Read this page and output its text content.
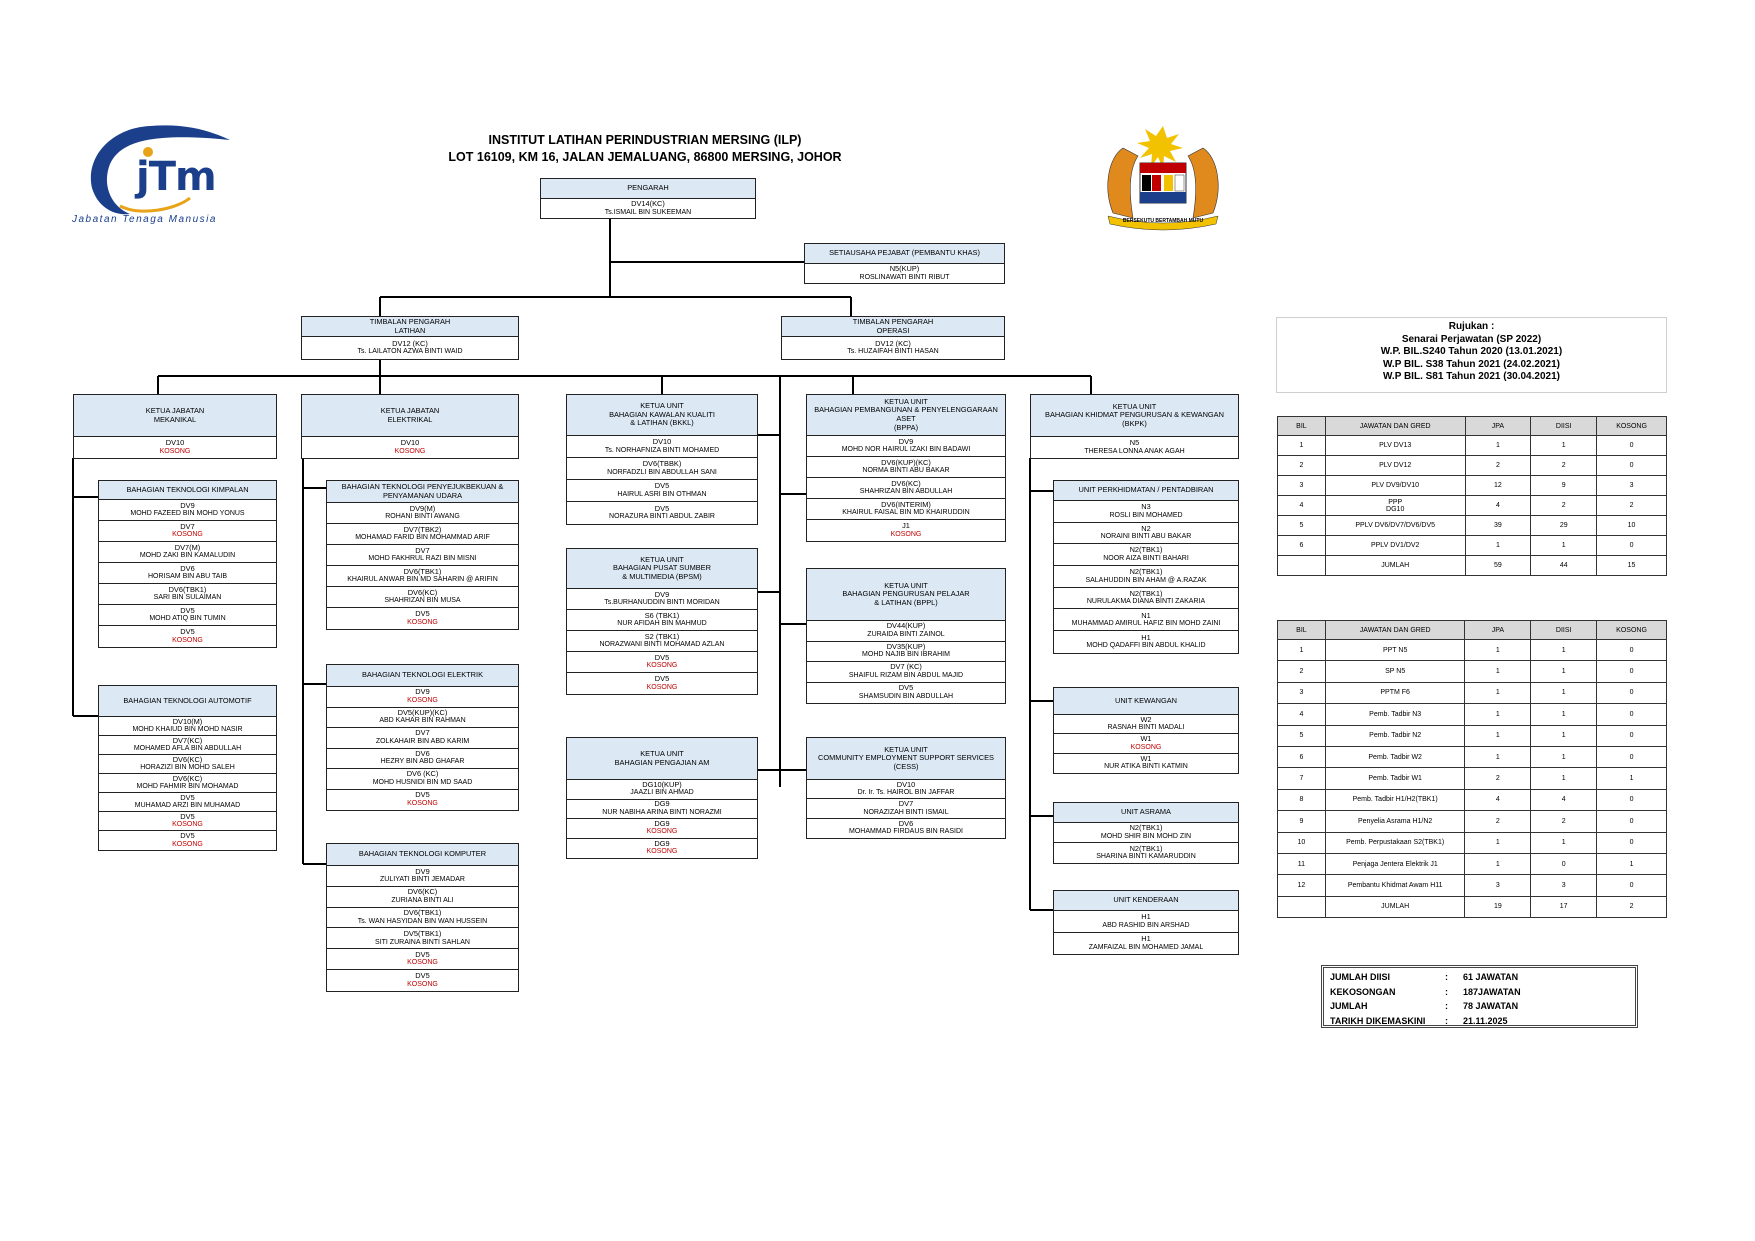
jTm
Jabatan Tenaga Manusia
INSTITUT LATIHAN PERINDUSTRIAN MERSING (ILP)
LOT 16109, KM 16, JALAN JEMALUANG, 86800 MERSING, JOHOR
BERSEKUTU BERTAMBAH MUTU
PENGARAH
DV14(KC)
Ts.ISMAIL BIN SUKEEMAN
SETIAUSAHA PEJABAT (PEMBANTU KHAS)
N5(KUP)
ROSLINAWATI BINTI RIBUT
TIMBALAN PENGARAH
LATIHAN
DV12 (KC)
Ts. LAILATON AZWA BINTI WAID
TIMBALAN PENGARAH
OPERASI
DV12 (KC)
Ts. HUZAIFAH BINTI HASAN
KETUA JABATAN
MEKANIKAL
DV10
KOSONG
KETUA JABATAN
ELEKTRIKAL
DV10
KOSONG
BAHAGIAN TEKNOLOGI KIMPALAN
DV9
MOHD FAZEED BIN MOHD YONUS
DV7
KOSONG
DV7(M)
MOHD ZAKI BIN KAMALUDIN
DV6
HORISAM BIN ABU TAIB
DV6(TBK1)
SARI BIN SULAIMAN
DV5
MOHD ATIQ BIN TUMIN
DV5
KOSONG
BAHAGIAN TEKNOLOGI AUTOMOTIF
DV10(M)
MOHD KHAIUD BIN MOHD NASIR
DV7(KC)
MOHAMED AFLA BIN ABDULLAH
DV6(KC)
HORAZIZI BIN MOHD SALEH
DV6(KC)
MOHD FAHMIR BIN MOHAMAD
DV5
MUHAMAD ARZI BIN MUHAMAD
DV5
KOSONG
DV5
KOSONG
BAHAGIAN TEKNOLOGI PENYEJUKBEKUAN &
PENYAMANAN UDARA
DV9(M)
ROHANI BINTI AWANG
DV7(TBK2)
MOHAMAD FARID BIN MOHAMMAD ARIF
DV7
MOHD FAKHRUL RAZI BIN MISNI
DV6(TBK1)
KHAIRUL ANWAR BIN MD SAHARIN @ ARIFIN
DV6(KC)
SHAHRIZAN BIN MUSA
DV5
KOSONG
BAHAGIAN TEKNOLOGI ELEKTRIK
DV9
KOSONG
DV5(KUP)(KC)
ABD KAHAR BIN RAHMAN
DV7
ZOLKAHAIR BIN ABD KARIM
DV6
HEZRY BIN ABD GHAFAR
DV6 (KC)
MOHD HUSNIDI BIN MD SAAD
DV5
KOSONG
BAHAGIAN TEKNOLOGI KOMPUTER
DV9
ZULIYATI BINTI JEMADAR
DV6(KC)
ZURIANA BINTI ALI
DV6(TBK1)
Ts. WAN HASYIDAN BIN WAN HUSSEIN
DV5(TBK1)
SITI ZURAINA BINTI SAHLAN
DV5
KOSONG
DV5
KOSONG
KETUA UNIT
BAHAGIAN KAWALAN KUALITI
& LATIHAN (BKKL)
DV10
Ts. NORHAFNIZA BINTI MOHAMED
DV6(TBBK)
NORFADZLI BIN ABDULLAH SANI
DV5
HAIRUL ASRI BIN OTHMAN
DV5
NORAZURA BINTI ABDUL ZABIR
KETUA UNIT
BAHAGIAN PUSAT SUMBER
& MULTIMEDIA (BPSM)
DV9
Ts.BURHANUDDIN BINTI MORIDAN
S6 (TBK1)
NUR AFIDAH BIN MAHMUD
S2 (TBK1)
NORAZWANI BINTI MOHAMAD AZLAN
DV5
KOSONG
DV5
KOSONG
KETUA UNIT
BAHAGIAN PENGAJIAN AM
DG10(KUP)
JAAZLI BIN AHMAD
DG9
NUR NABIHA ARINA BINTI NORAZMI
DG9
KOSONG
DG9
KOSONG
KETUA UNIT
BAHAGIAN PEMBANGUNAN & PENYELENGGARAAN ASET
(BPPA)
DV9
MOHD NOR HAIRUL IZAKI BIN BADAWI
DV6(KUP)(KC)
NORMA BINTI ABU BAKAR
DV6(KC)
SHAHRIZAN BIN ABDULLAH
DV6(INTERIM)
KHAIRUL FAISAL BIN MD KHAIRUDDIN
J1
KOSONG
KETUA UNIT
BAHAGIAN PENGURUSAN PELAJAR
& LATIHAN (BPPL)
DV44(KUP)
ZURAIDA BINTI ZAINOL
DV35(KUP)
MOHD NAJIB BIN IBRAHIM
DV7 (KC)
SHAIFUL RIZAM BIN ABDUL MAJID
DV5
SHAMSUDIN BIN ABDULLAH
KETUA UNIT
COMMUNITY EMPLOYMENT SUPPORT SERVICES (CESS)
DV10
Dr. Ir. Ts. HAIROL BIN JAFFAR
DV7
NORAZIZAH BINTI ISMAIL
DV6
MOHAMMAD FIRDAUS BIN RASIDI
KETUA UNIT
BAHAGIAN KHIDMAT PENGURUSAN & KEWANGAN (BKPK)
N5
THERESA LONNA ANAK AGAH
UNIT PERKHIDMATAN / PENTADBIRAN
N3
ROSLI BIN MOHAMED
N2
NORAINI BINTI ABU BAKAR
N2(TBK1)
NOOR AIZA BINTI BAHARI
N2(TBK1)
SALAHUDDIN BIN AHAM @ A.RAZAK
N2(TBK1)
NURULAKMA DIANA BINTI ZAKARIA
N1
MUHAMMAD AMIRUL HAFIZ BIN MOHD ZAINI
H1
MOHD QADAFFI BIN ABDUL KHALID
UNIT KEWANGAN
W2
RASNAH BINTI MADALI
W1
KOSONG
W1
NUR ATIKA BINTI KATMIN
UNIT ASRAMA
N2(TBK1)
MOHD SHIR BIN MOHD ZIN
N2(TBK1)
SHARINA BINTI KAMARUDDIN
UNIT KENDERAAN
H1
ABD RASHID BIN ARSHAD
H1
ZAMFAIZAL BIN MOHAMED JAMAL
Rujukan :
Senarai Perjawatan (SP 2022)
W.P. BIL.S240 Tahun 2020 (13.01.2021)
W.P BIL. S38 Tahun 2021 (24.02.2021)
W.P BIL. S81 Tahun 2021 (30.04.2021)
BIL	JAWATAN DAN GRED	JPA	DIISI	KOSONG
1	PLV DV13	1	1	0
2	PLV DV12	2	2	0
3	PLV DV9/DV10	12	9	3
4	PPP
DG10	4	2	2
5	PPLV DV6/DV7/DV6/DV5	39	29	10
6	PPLV DV1/DV2	1	1	0
	JUMLAH	59	44	15
BIL	JAWATAN DAN GRED	JPA	DIISI	KOSONG
1	PPT N5	1	1	0
2	SP N5	1	1	0
3	PPTM F6	1	1	0
4	Pemb. Tadbir N3	1	1	0
5	Pemb. Tadbir N2	1	1	0
6	Pemb. Tadbir W2	1	1	0
7	Pemb. Tadbir W1	2	1	1
8	Pemb. Tadbir H1/H2(TBK1)	4	4	0
9	Penyelia Asrama H1/N2	2	2	0
10	Pemb. Perpustakaan S2(TBK1)	1	1	0
11	Penjaga Jentera Elektrik J1	1	0	1
12	Pembantu Khidmat Awam H11	3	3	0
	JUMLAH	19	17	2
JUMLAH DIISI	:	61 JAWATAN
KEKOSONGAN	:	187JAWATAN
JUMLAH	:	78 JAWATAN
TARIKH DIKEMASKINI	:	21.11.2025
